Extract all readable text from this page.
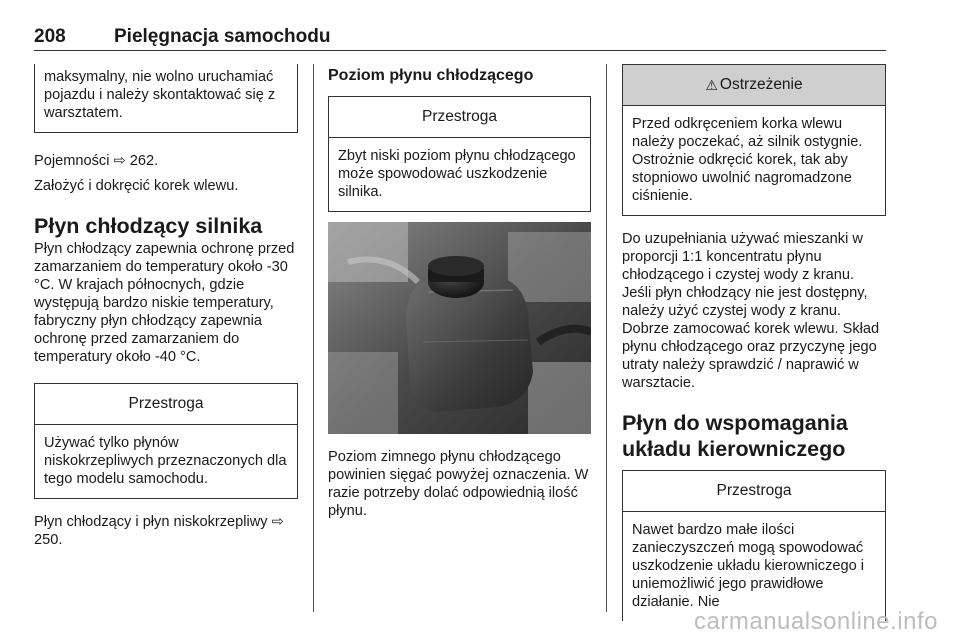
208	Pielęgnacja samochodu
maksymalny, nie wolno uruchamiać pojazdu i należy skontaktować się z warsztatem.

Pojemności ⇨ 262.

Założyć i dokręcić korek wlewu.

Płyn chłodzący silnika

Płyn chłodzący zapewnia ochronę przed zamarzaniem do temperatury około -30 °C. W krajach północnych, gdzie występują bardzo niskie temperatury, fabryczny płyn chłodzący zapewnia ochronę przed zamarzaniem do temperatury około -40 °C.

Przestroga
Używać tylko płynów niskokrzepliwych przeznaczonych dla tego modelu samochodu.

Płyn chłodzący i płyn niskokrzepliwy ⇨ 250.

Poziom płynu chłodzącego
Przestroga
Zbyt niski poziom płynu chłodzącego może spowodować uszkodzenie silnika.

Poziom zimnego płynu chłodzącego powinien sięgać powyżej oznaczenia. W razie potrzeby dolać odpowiednią ilość płynu.

⚠ Ostrzeżenie
Przed odkręceniem korka wlewu należy poczekać, aż silnik ostygnie. Ostrożnie odkręcić korek, tak aby stopniowo uwolnić nagromadzone ciśnienie.

Do uzupełniania używać mieszanki w proporcji 1:1 koncentratu płynu chłodzącego i czystej wody z kranu. Jeśli płyn chłodzący nie jest dostępny, należy użyć czystej wody z kranu. Dobrze zamocować korek wlewu. Skład płynu chłodzącego oraz przyczynę jego utraty należy sprawdzić / naprawić w warsztacie.

Płyn do wspomagania układu kierowniczego
Przestroga
Nawet bardzo małe ilości zanieczyszczeń mogą spowodować uszkodzenie układu kierowniczego i uniemożliwić jego prawidłowe działanie. Nie
carmanualsonline.info
